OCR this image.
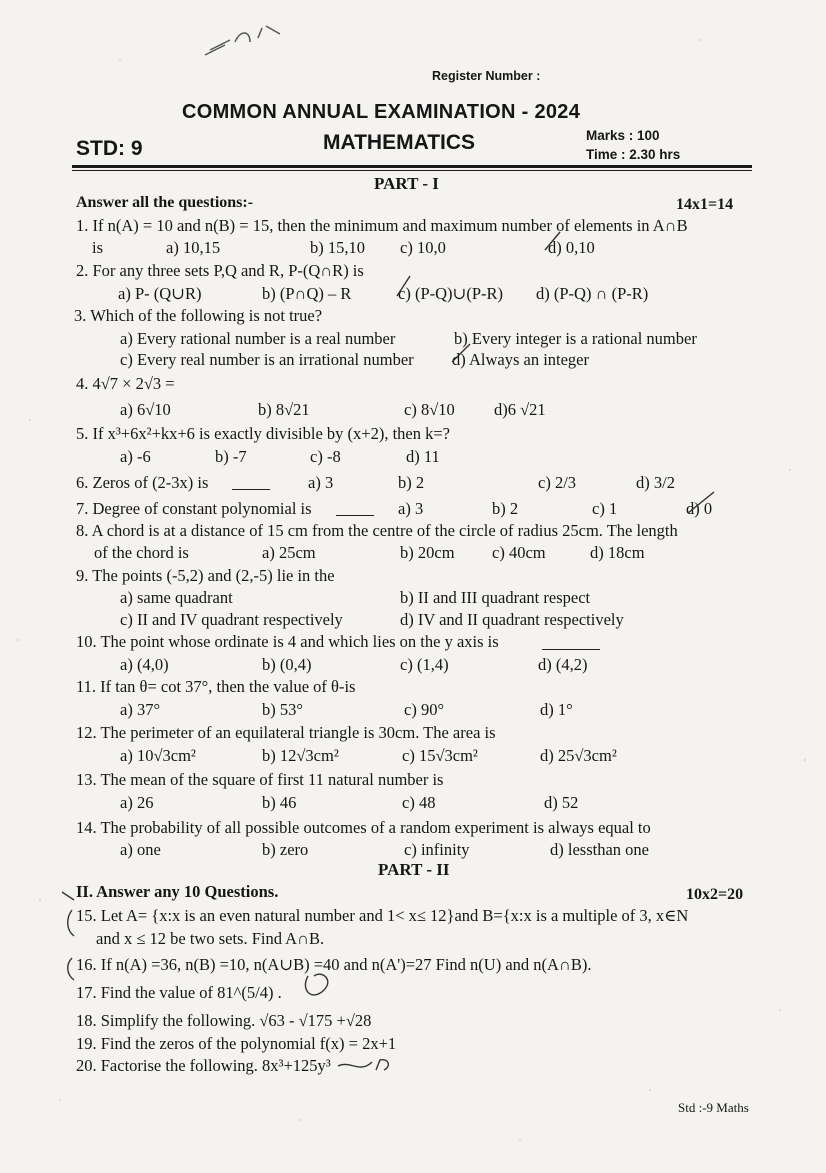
Register Number :
COMMON ANNUAL EXAMINATION - 2024
STD: 9	MATHEMATICS	Marks : 100
Time : 2.30 hrs
PART - I
Answer all the questions:-	14x1=14
1. If n(A) = 10 and n(B) = 15, then the minimum and maximum number of elements in A∩B
is	a) 10,15	b) 15,10 c) 10,0	d) 0,10
2. For any three sets P,Q and R, P-(Q∩R) is
a) P- (Q∪R)	b) (P∩Q) – R	c) (P-Q)∪(P-R) d) (P-Q) ∩ (P-R)
3. Which of the following is not true?
a) Every rational number is a real number	b) Every integer is a rational number
c) Every real number is an irrational number d) Always an integer
4. 4√7 × 2√3 =
a) 6√10	b) 8√21	c) 8√10 d)6 √21
5. If x³+6x²+kx+6 is exactly divisible by (x+2), then k=?
a) -6	b) -7	c) -8	d) 11
6. Zeros of (2-3x) is	a) 3	b) 2	c) 2/3	d) 3/2
7. Degree of constant polynomial is	a) 3	b) 2	c) 1	d) 0
8. A chord is at a distance of 15 cm from the centre of the circle of radius 25cm. The length
of the chord is	a) 25cm	b) 20cm c) 40cm	d) 18cm
9. The points (-5,2) and (2,-5) lie in the
a) same quadrant	b) II and III quadrant respect
c) II and IV quadrant respectively	d) IV and II quadrant respectively
10. The point whose ordinate is 4 and which lies on the y axis is
a) (4,0)	b) (0,4)	c) (1,4)	d) (4,2)
11. If tan θ= cot 37°, then the value of θ-is
a) 37°	b) 53°	c) 90°	d) 1°
12. The perimeter of an equilateral triangle is 30cm. The area is
a) 10√3cm²	b) 12√3cm²	c) 15√3cm²	d) 25√3cm²
13. The mean of the square of first 11 natural number is
a) 26	b) 46	c) 48	d) 52
14. The probability of all possible outcomes of a random experiment is always equal to
a) one	b) zero	c) infinity	d) lessthan one
PART - II
II. Answer any 10 Questions.	10x2=20
15. Let A= {x:x is an even natural number and 1< x≤ 12}and B={x:x is a multiple of 3, x∈N
and x ≤ 12 be two sets. Find A∩B.
16. If n(A) =36, n(B) =10, n(A∪B) =40 and n(A')=27 Find n(U) and n(A∩B).
17. Find the value of 81^(5/4) .
18. Simplify the following. √63 - √175 +√28
19. Find the zeros of the polynomial f(x) = 2x+1
20. Factorise the following. 8x³+125y³
Std :-9 Maths
